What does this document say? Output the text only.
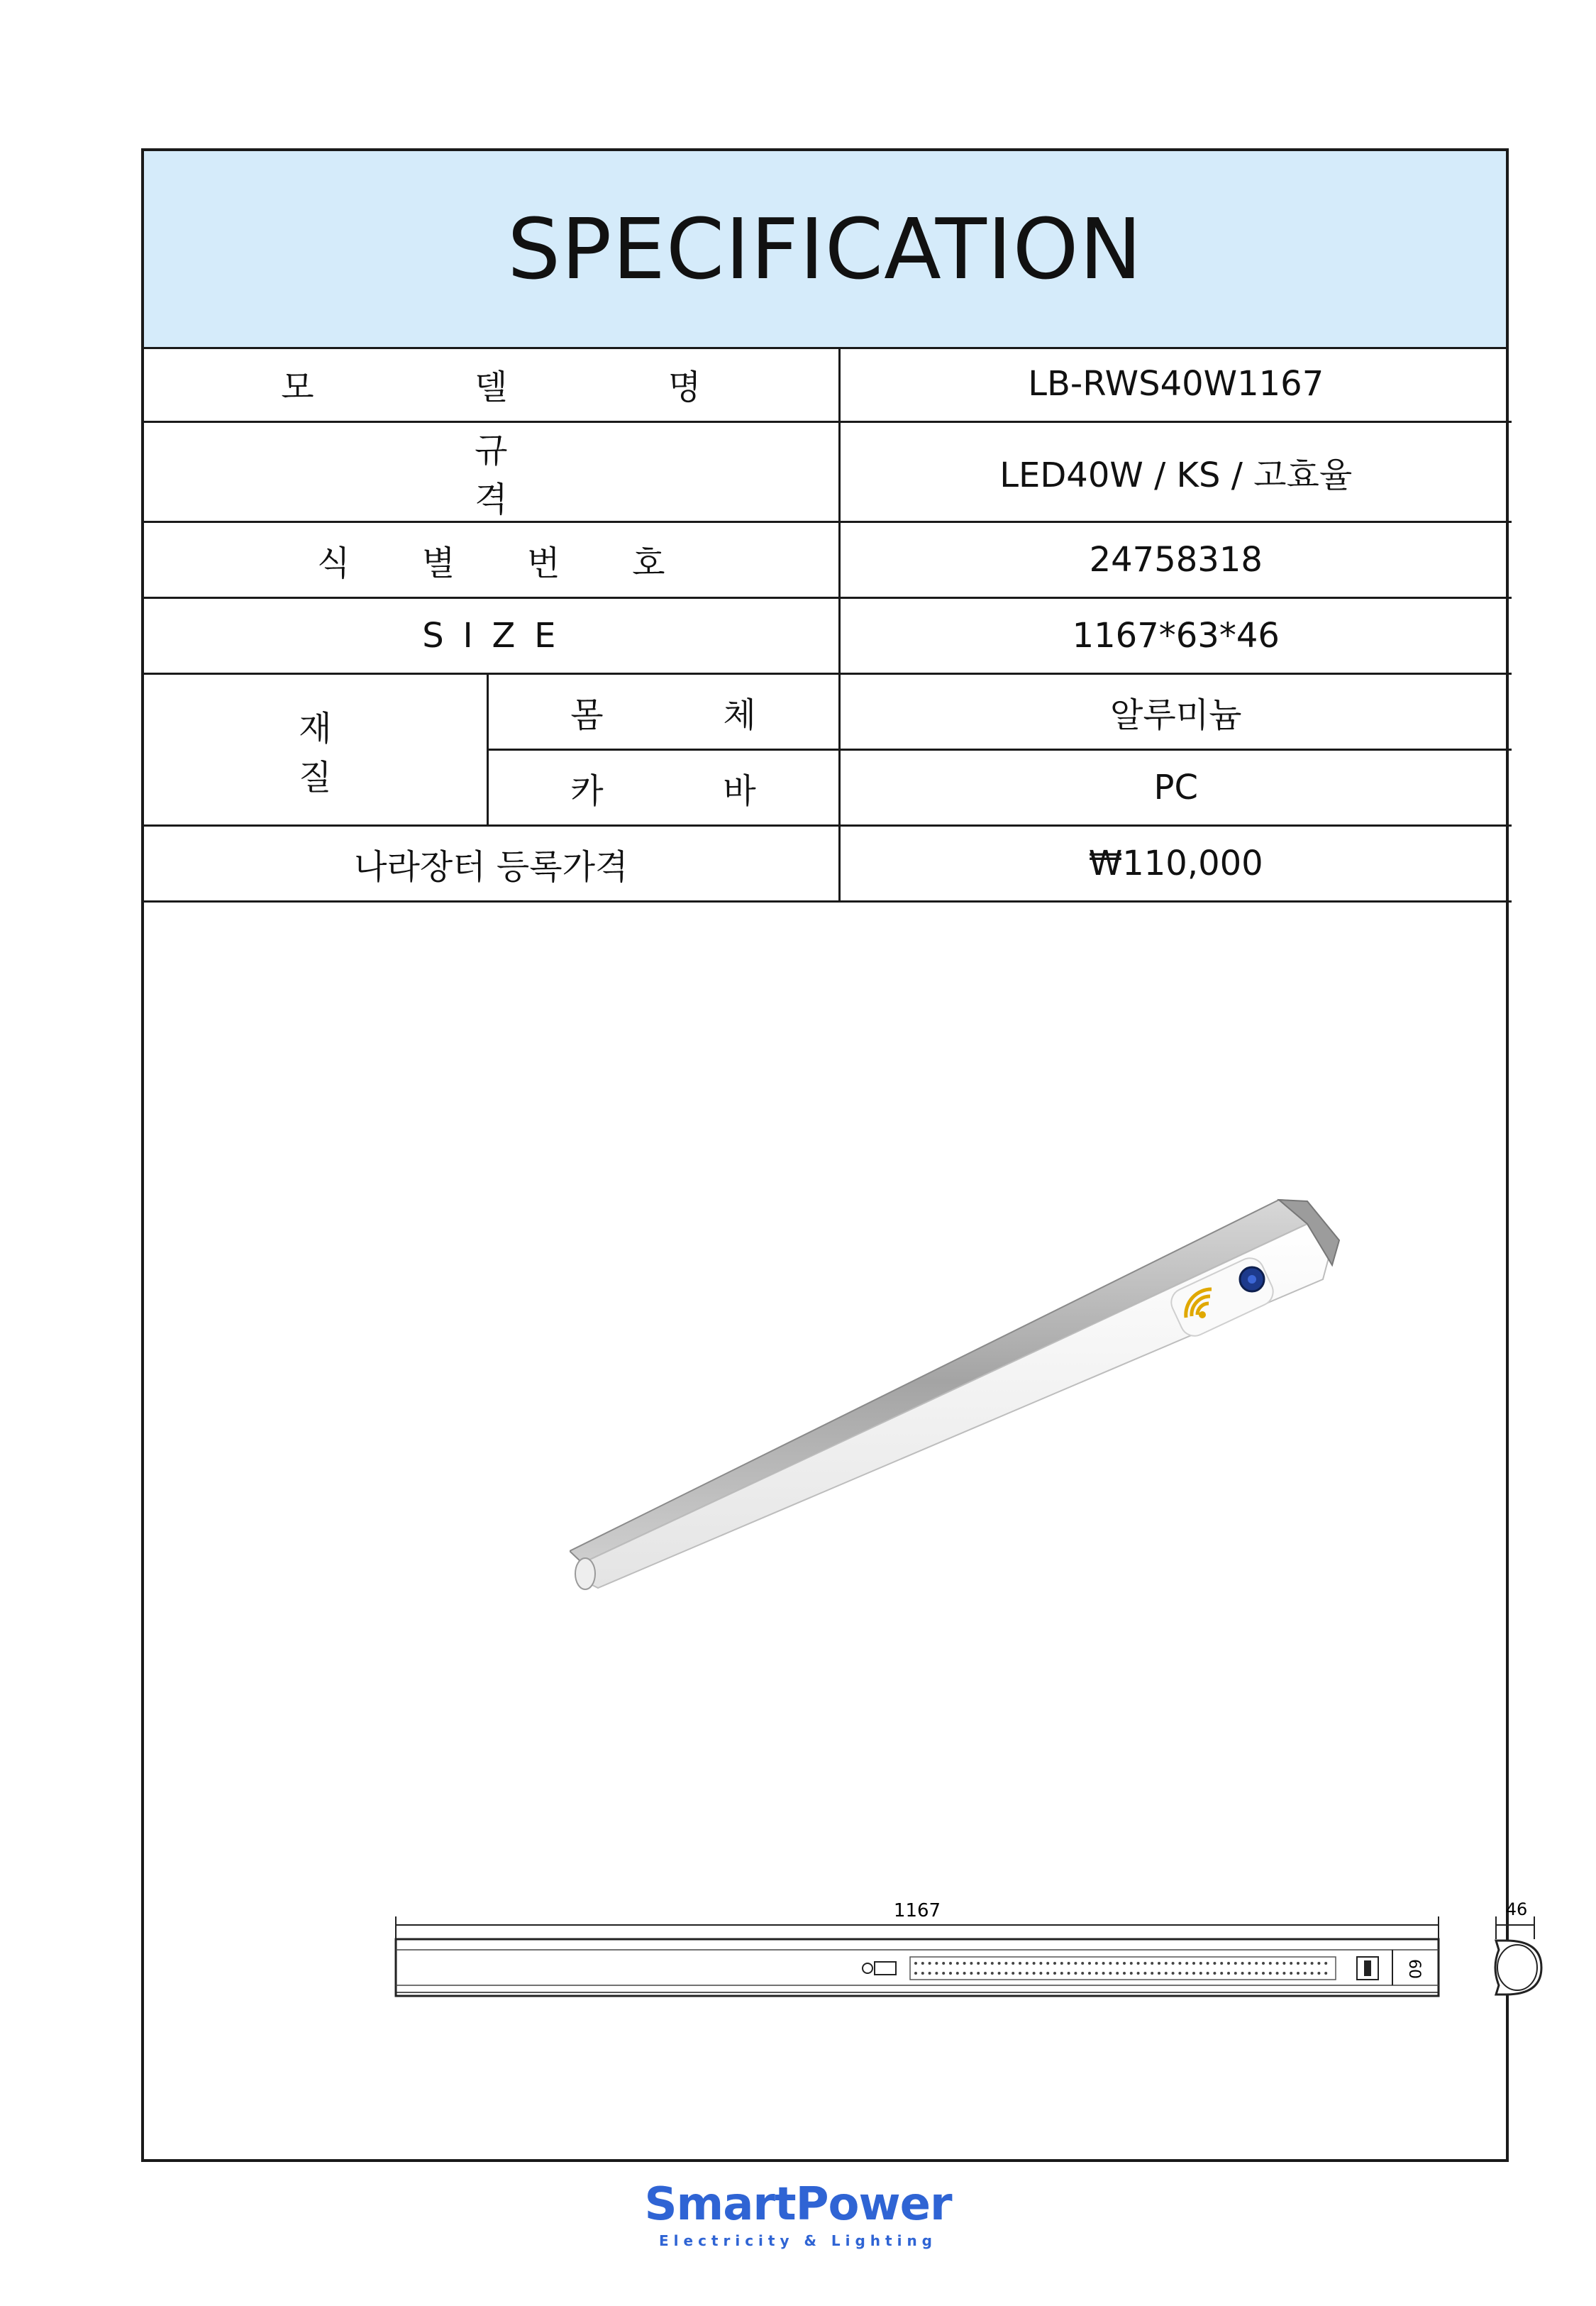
SPECIFICATION
모 델 명		LB-RWS40W1167
규 격		LED40W / KS / 고효율
식 별 번 호		24758318
S I Z E		1167*63*46
재 질	몸 체	알루미늄
	카 바	PC
나라장터 등록가격		₩110,000
1167
60
46
SmartPower
Electricity & Lighting
